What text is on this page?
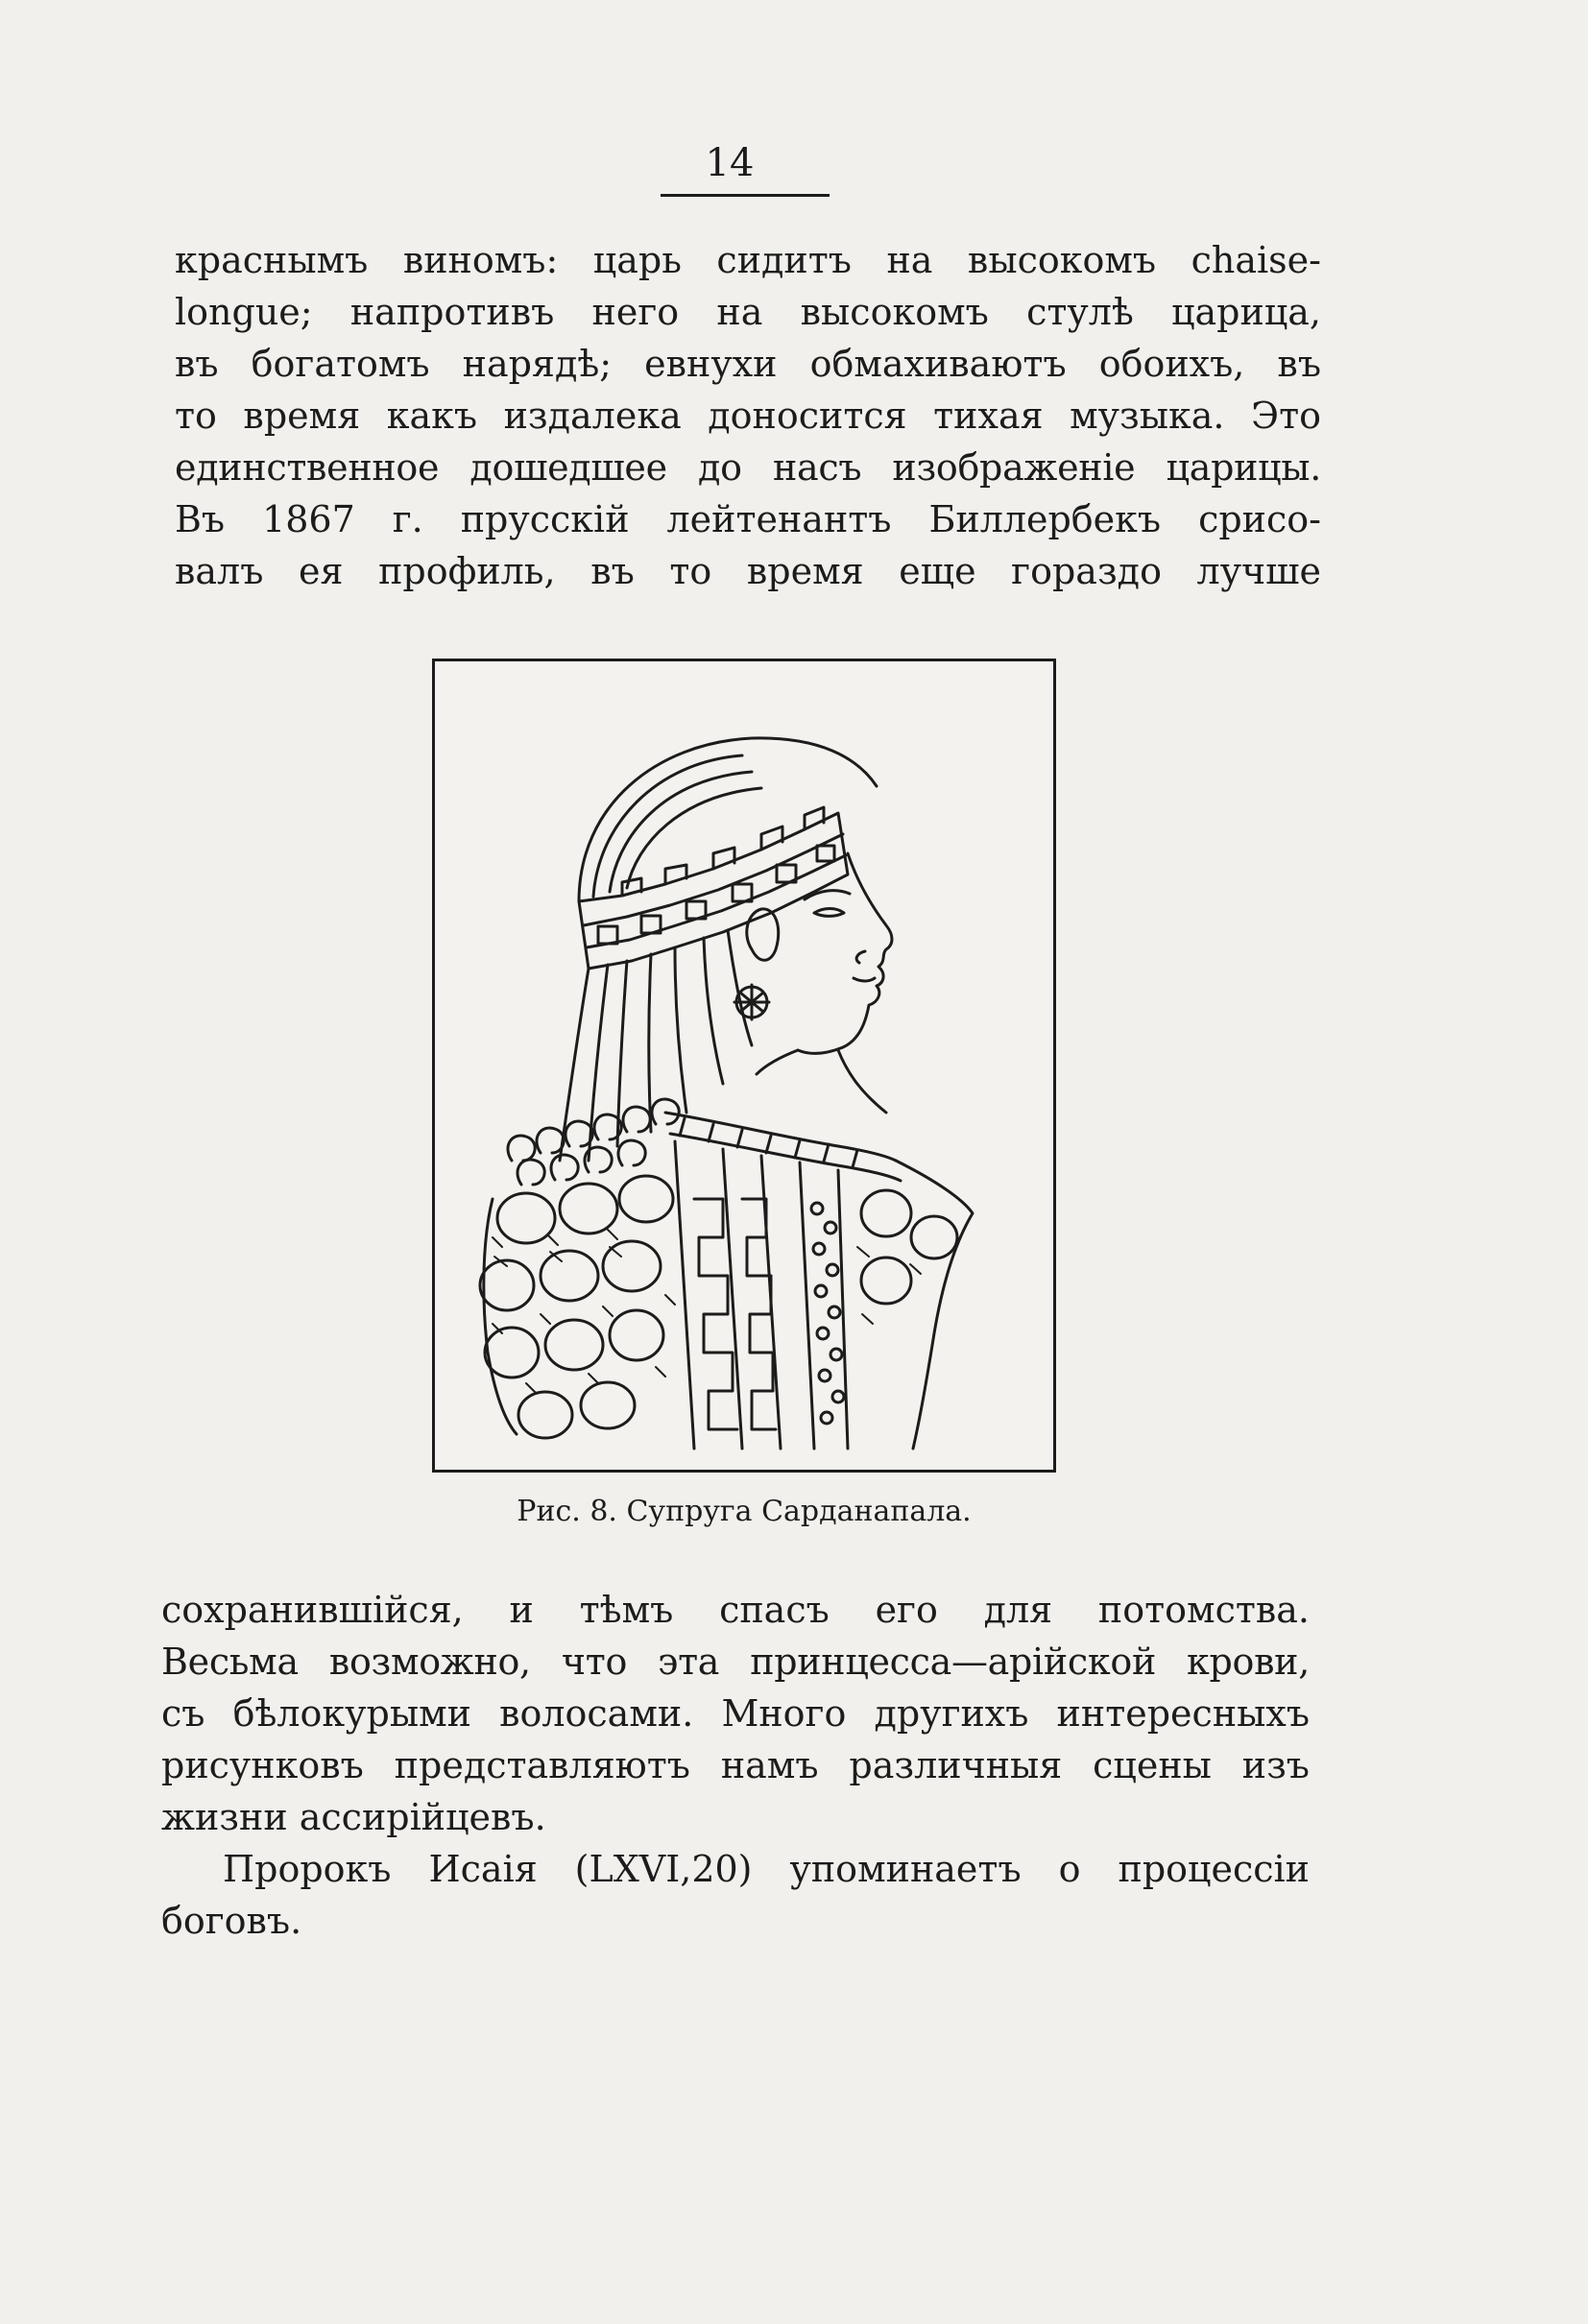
14
краснымъ виномъ: царь сидитъ на высокомъ chaise-
longue; напротивъ него на высокомъ стулѣ царица,
въ богатомъ нарядѣ; евнухи обмахиваютъ обоихъ, въ
то время какъ издалека доносится тихая музыка. Это
единственное дошедшее до насъ изображеніе царицы.
Въ 1867 г. прусскій лейтенантъ Биллербекъ срисо-
валъ ея профиль, въ то время еще гораздо лучше
Рис. 8. Супруга Сарданапала.
сохранившійся, и тѣмъ спасъ его для потомства.
Весьма возможно, что эта принцесса—арійской крови,
съ бѣлокурыми волосами. Много другихъ интересныхъ
рисунковъ представляютъ намъ различныя сцены изъ
жизни ассирійцевъ.
Пророкъ Исаія (LXVI,20) упоминаетъ о процессіи
боговъ.
